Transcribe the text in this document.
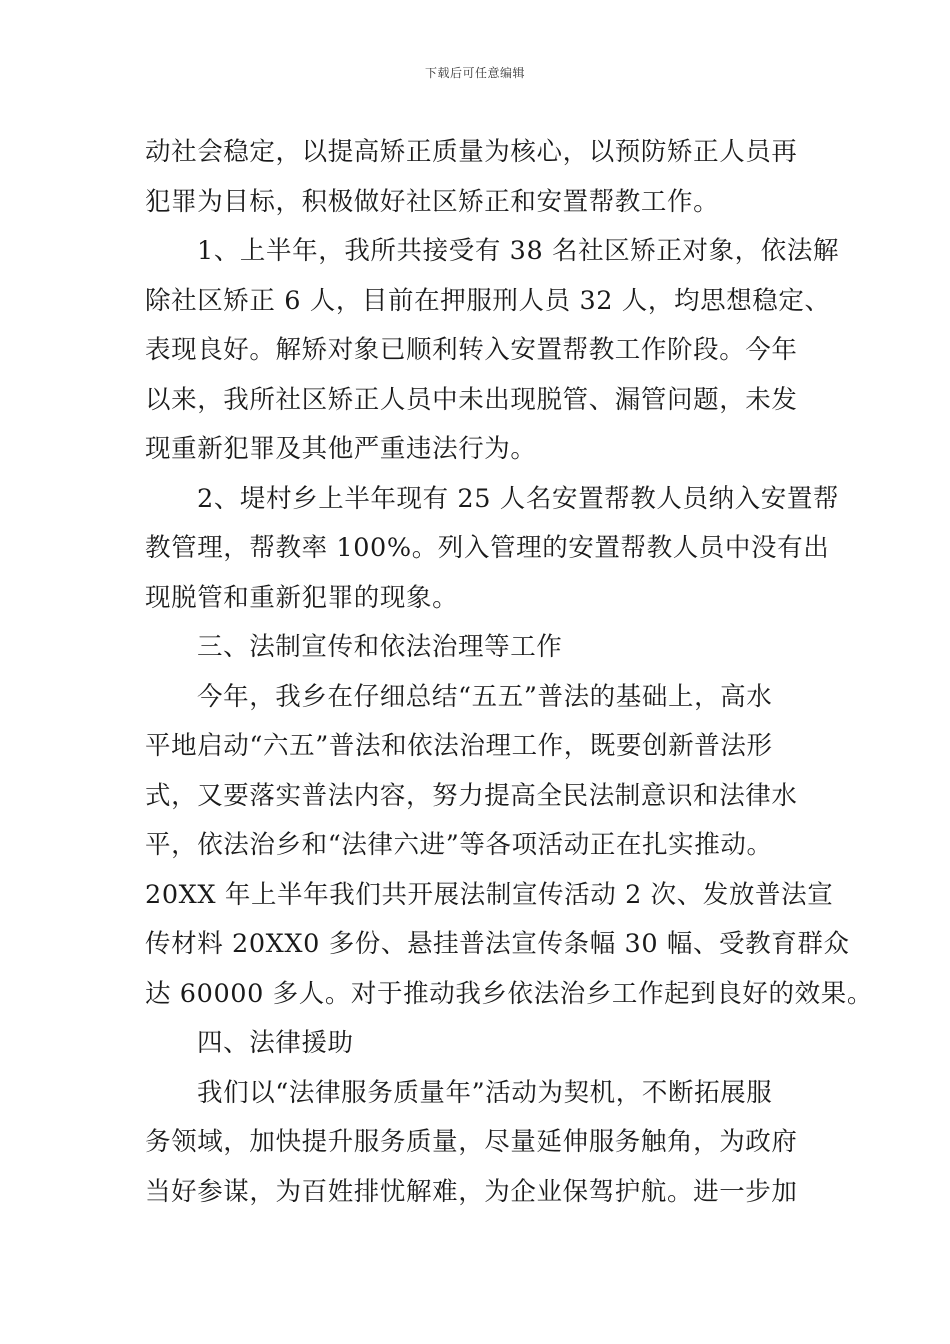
下载后可任意编辑
动社会稳定，以提高矫正质量为核心，以预防矫正人员再
犯罪为目标，积极做好社区矫正和安置帮教工作。
1、上半年，我所共接受有 38 名社区矫正对象，依法解
除社区矫正 6 人，目前在押服刑人员 32 人，均思想稳定、
表现良好。解矫对象已顺利转入安置帮教工作阶段。今年
以来，我所社区矫正人员中未出现脱管、漏管问题，未发
现重新犯罪及其他严重违法行为。
2、堤村乡上半年现有 25 人名安置帮教人员纳入安置帮
教管理，帮教率 100%。列入管理的安置帮教人员中没有出
现脱管和重新犯罪的现象。
三、法制宣传和依法治理等工作
今年，我乡在仔细总结“五五”普法的基础上，高水
平地启动“六五”普法和依法治理工作，既要创新普法形
式，又要落实普法内容，努力提高全民法制意识和法律水
平，依法治乡和“法律六进”等各项活动正在扎实推动。
20XX 年上半年我们共开展法制宣传活动 2 次、发放普法宣
传材料 20XX0 多份、悬挂普法宣传条幅 30 幅、受教育群众
达 60000 多人。对于推动我乡依法治乡工作起到良好的效果。
四、法律援助
我们以“法律服务质量年”活动为契机，不断拓展服
务领域，加快提升服务质量，尽量延伸服务触角，为政府
当好参谋，为百姓排忧解难，为企业保驾护航。进一步加
